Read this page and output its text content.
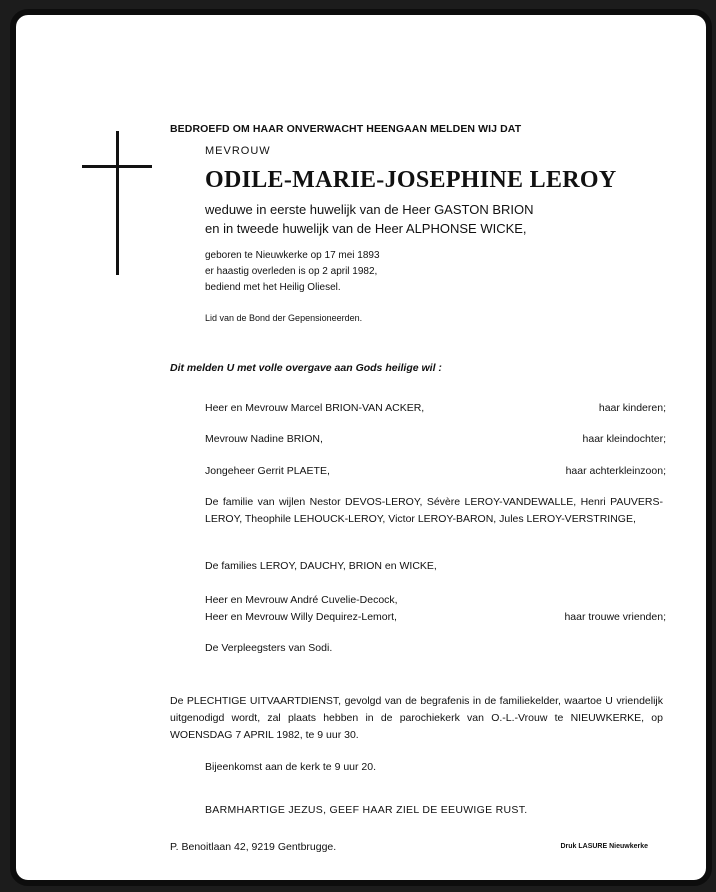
BEDROEFD OM HAAR ONVERWACHT HEENGAAN MELDEN WIJ DAT
MEVROUW
ODILE-MARIE-JOSEPHINE LEROY
weduwe in eerste huwelijk van de Heer GASTON BRION
en in tweede huwelijk van de Heer ALPHONSE WICKE,
geboren te Nieuwkerke op 17 mei 1893
er haastig overleden is op 2 april 1982,
bediend met het Heilig Oliesel.
Lid van de Bond der Gepensioneerden.
Dit melden U met volle overgave aan Gods heilige wil :
Heer en Mevrouw Marcel BRION-VAN ACKER,	haar kinderen;
Mevrouw Nadine BRION,	haar kleindochter;
Jongeheer Gerrit PLAETE,	haar achterkleinzoon;
De familie van wijlen Nestor DEVOS-LEROY, Sévère LEROY-VANDEWALLE, Henri PAUVERS-LEROY, Theophile LEHOUCK-LEROY, Victor LEROY-BARON, Jules LEROY-VERSTRINGE,
De families LEROY, DAUCHY, BRION en WICKE,
Heer en Mevrouw André Cuvelie-Decock,
Heer en Mevrouw Willy Dequirez-Lemort,	haar trouwe vrienden;
De Verpleegsters van Sodi.
De PLECHTIGE UITVAARTDIENST, gevolgd van de begrafenis in de familiekelder, waartoe U vriendelijk uitgenodigd wordt, zal plaats hebben in de parochiekerk van O.-L.-Vrouw te NIEUWKERKE, op WOENSDAG 7 APRIL 1982, te 9 uur 30.
Bijeenkomst aan de kerk te 9 uur 20.
BARMHARTIGE JEZUS, GEEF HAAR ZIEL DE EEUWIGE RUST.
P. Benoitlaan 42, 9219 Gentbrugge.	Druk LASURE Nieuwkerke
